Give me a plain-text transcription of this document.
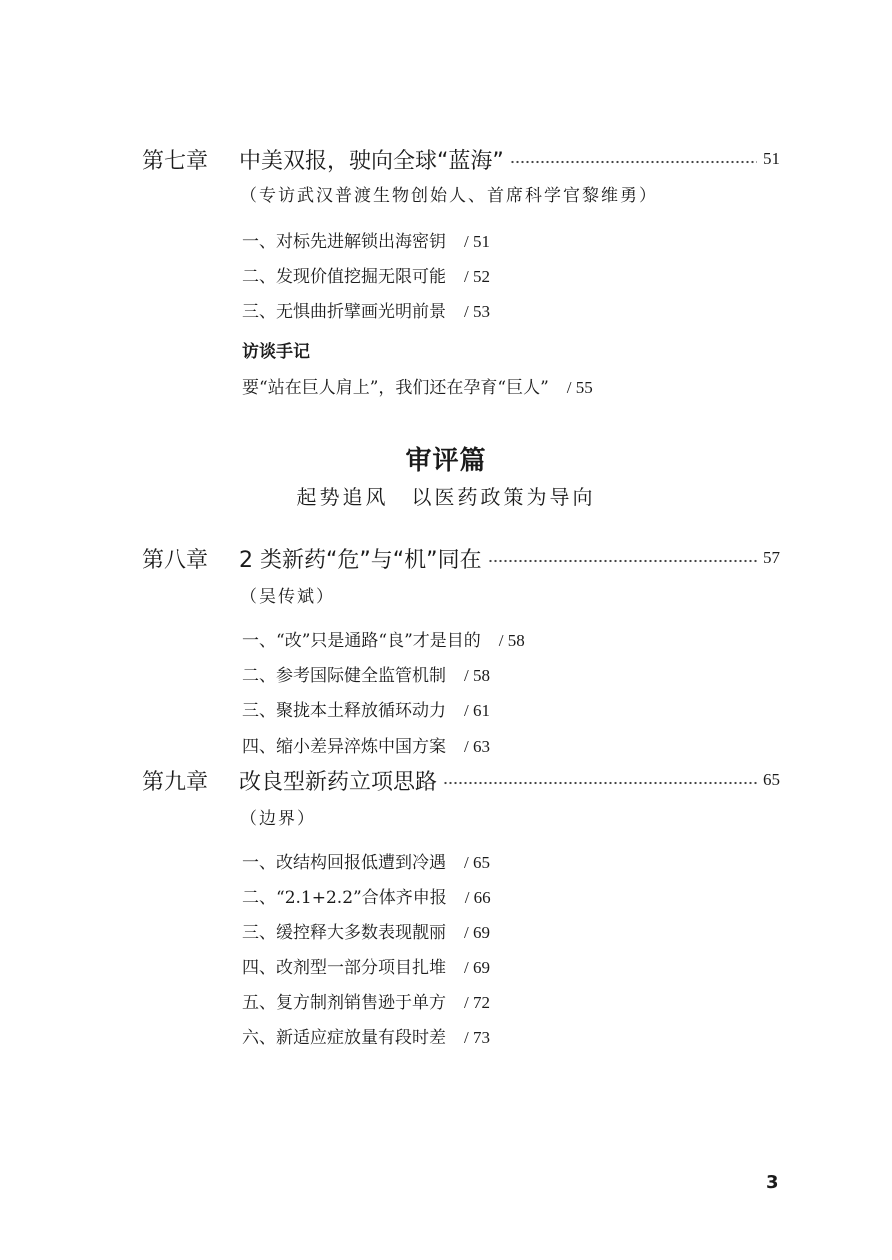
第七章	中美双报，驶向全球“蓝海”	51
（专访武汉普渡生物创始人、首席科学官黎维勇）
一、对标先进解锁出海密钥 / 51
二、发现价值挖掘无限可能 / 52
三、无惧曲折擘画光明前景 / 53
访谈手记
要“站在巨人肩上”，我们还在孕育“巨人” / 55
审评篇
起势追风　以医药政策为导向
第八章	2 类新药“危”与“机”同在	57
（吴传斌）
一、“改”只是通路“良”才是目的 / 58
二、参考国际健全监管机制 / 58
三、聚拢本土释放循环动力 / 61
四、缩小差异淬炼中国方案 / 63
第九章	改良型新药立项思路	65
（边界）
一、改结构回报低遭到冷遇 / 65
二、“2.1+2.2”合体齐申报 / 66
三、缓控释大多数表现靓丽 / 69
四、改剂型一部分项目扎堆 / 69
五、复方制剂销售逊于单方 / 72
六、新适应症放量有段时差 / 73
3
